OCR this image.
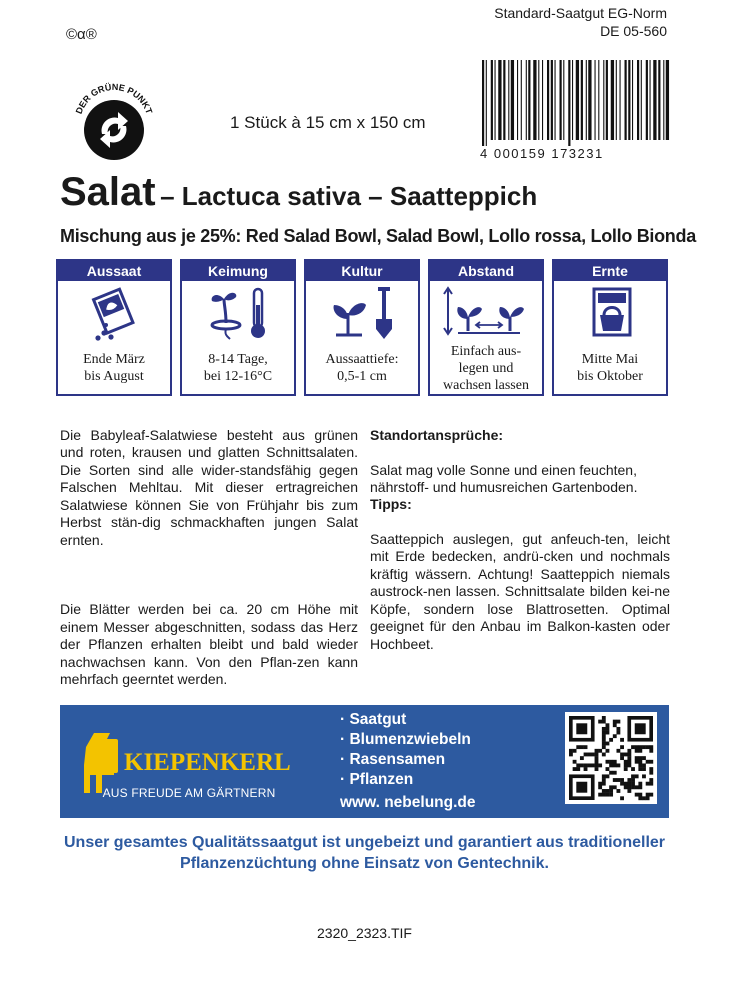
Standard-Saatgut EG-Norm
DE 05-560
©α®
DER GRÜNE PUNKT
1 Stück à 15 cm x 150 cm
4 000159 173231
Salat – Lactuca sativa – Saatteppich
Mischung aus je 25%: Red Salad Bowl, Salad Bowl, Lollo rossa, Lollo Bionda
Aussaat
Ende März
bis August
Keimung
8-14 Tage,
bei 12-16°C
Kultur
Aussaattiefe:
0,5-1 cm
Abstand
Einfach aus-
legen und
wachsen lassen
Ernte
Mitte Mai
bis Oktober

Die Babyleaf-Salatwiese besteht aus grünen und roten, krausen und glatten Schnittsalaten. Die Sorten sind alle wider-standsfähig gegen Falschen Mehltau. Mit dieser ertragreichen Salatwiese können Sie von Frühjahr bis zum Herbst stän-dig schmackhaften jungen Salat ernten.

Die Blätter werden bei ca. 20 cm Höhe mit einem Messer abgeschnitten, sodass das Herz der Pflanzen erhalten bleibt und bald wieder nachwachsen kann. Von den Pflan-zen kann mehrfach geerntet werden.

Standortansprüche:

Salat mag volle Sonne und einen feuchten, nährstoff- und humusreichen Gartenboden.

Tipps:

Saatteppich auslegen, gut anfeuch-ten, leicht mit Erde bedecken, andrü-cken und nochmals kräftig wässern. Achtung! Saatteppich niemals austrock-nen lassen. Schnittsalate bilden kei-ne Köpfe, sondern lose Blattrosetten. Optimal geeignet für den Anbau im Balkon-kasten oder Hochbeet.

KIEPENKERL
AUS FREUDE AM GÄRTNERN
· Saatgut
· Blumenzwiebeln
· Rasensamen
· Pflanzen
www. nebelung.de
Unser gesamtes Qualitätssaatgut ist ungebeizt und garantiert aus traditioneller Pflanzenzüchtung ohne Einsatz von Gentechnik.
2320_2323.TIF
